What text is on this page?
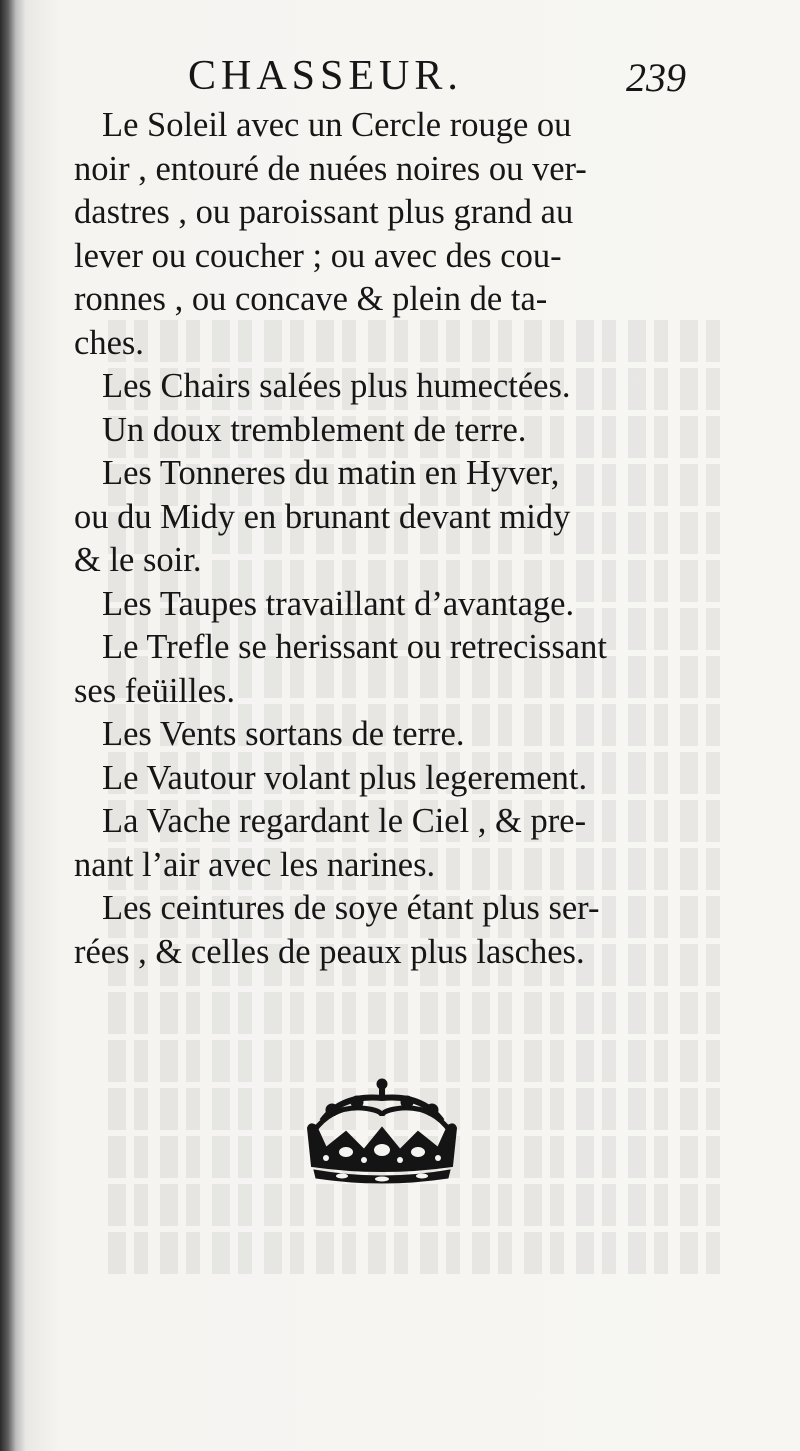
CHASSEUR.	239
Le Soleil avec un Cercle rouge ou
noir , entouré de nuées noires ou ver-
dastres , ou paroissant plus grand au
lever ou coucher ; ou avec des cou-
ronnes , ou concave & plein de ta-
ches.
Les Chairs salées plus humectées.
Un doux tremblement de terre.
Les Tonneres du matin en Hyver,
ou du Midy en brunant devant midy
& le soir.
Les Taupes travaillant d’avantage.
Le Trefle se herissant ou retrecissant
ses feüilles.
Les Vents sortans de terre.
Le Vautour volant plus legerement.
La Vache regardant le Ciel , & pre-
nant l’air avec les narines.
Les ceintures de soye étant plus ser-
rées , & celles de peaux plus lasches.
